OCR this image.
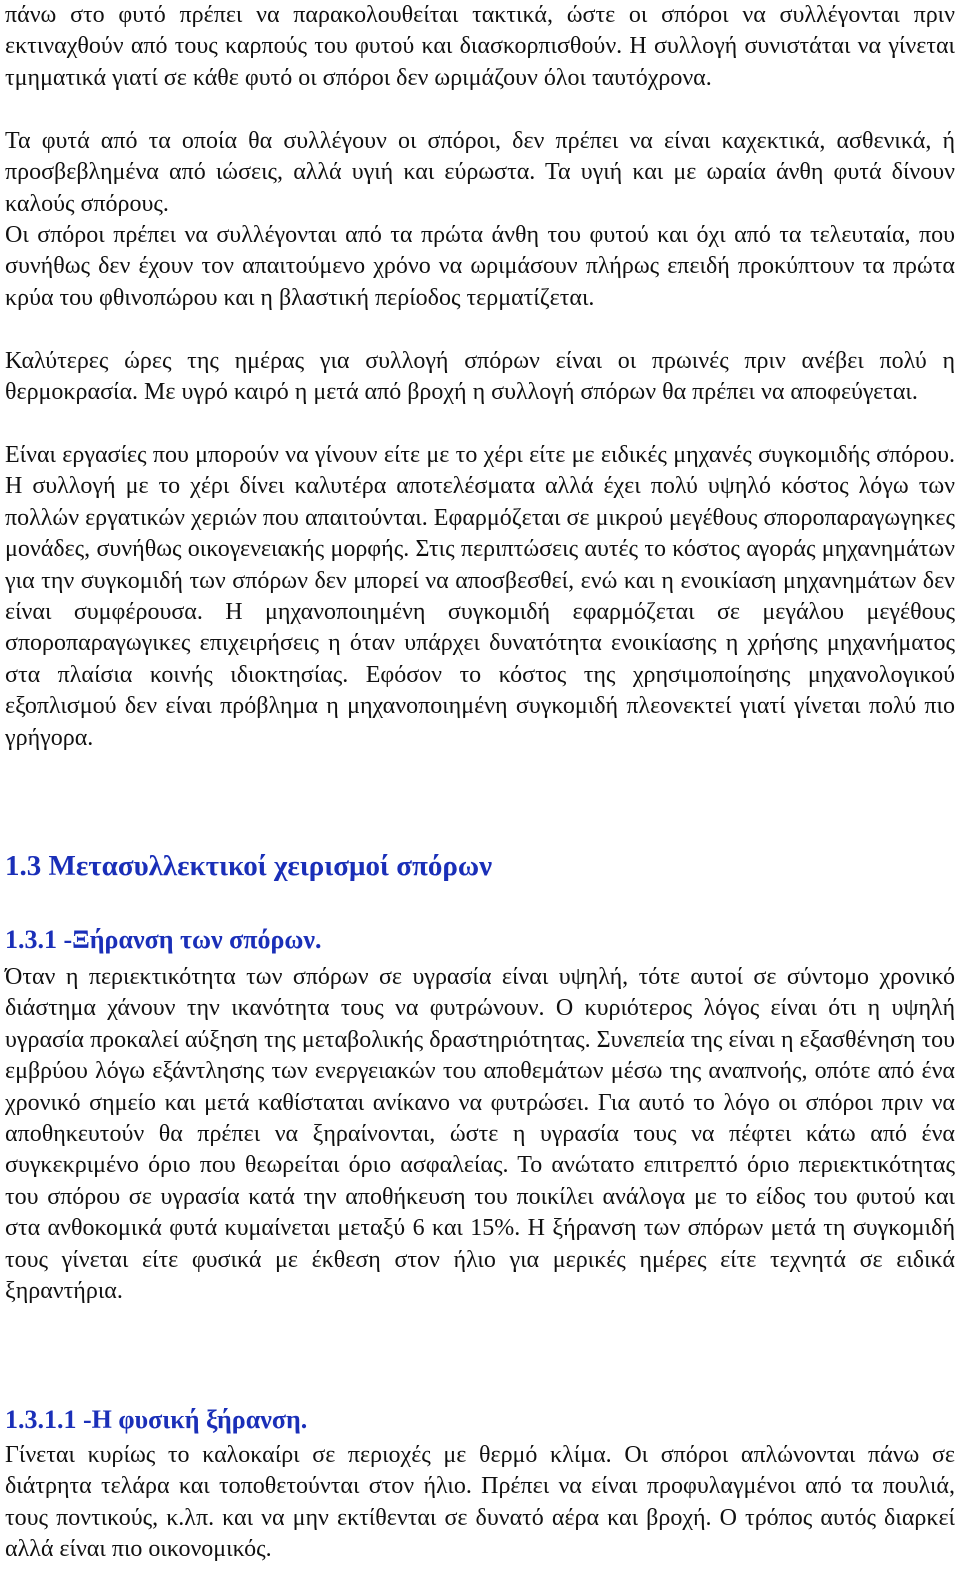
πάνω στο φυτό πρέπει να παρακολουθείται τακτικά, ώστε οι σπόροι να συλλέγονται πριν εκτιναχθούν από τους καρπούς του φυτού και διασκορπισθούν. Η συλλογή συνιστάται να γίνεται τμηματικά γιατί σε κάθε φυτό οι σπόροι δεν ωριμάζουν όλοι ταυτόχρονα.

Τα φυτά από τα οποία θα συλλέγουν οι σπόροι, δεν πρέπει να είναι καχεκτικά, ασθενικά, ή προσβεβλημένα από ιώσεις, αλλά υγιή και εύρωστα. Τα υγιή και με ωραία άνθη φυτά δίνουν καλούς σπόρους.

Οι σπόροι πρέπει να συλλέγονται από τα πρώτα άνθη του φυτού και όχι από τα τελευταία, που συνήθως δεν έχουν τον απαιτούμενο χρόνο να ωριμάσουν πλήρως επειδή προκύπτουν τα πρώτα κρύα του φθινοπώρου και η βλαστική περίοδος τερματίζεται.

Καλύτερες ώρες της ημέρας για συλλογή σπόρων είναι οι πρωινές πριν ανέβει πολύ η θερμοκρασία. Με υγρό καιρό η μετά από βροχή η συλλογή σπόρων θα πρέπει να αποφεύγεται.

Είναι εργασίες που μπορούν να γίνουν είτε με το χέρι είτε με ειδικές μηχανές συγκομιδής σπόρου. Η συλλογή με το χέρι δίνει καλυτέρα αποτελέσματα αλλά έχει πολύ υψηλό κόστος λόγω των πολλών εργατικών χεριών που απαιτούνται. Εφαρμόζεται σε μικρού μεγέθους σποροπαραγωγηκες μονάδες, συνήθως οικογενειακής μορφής. Στις περιπτώσεις αυτές το κόστος αγοράς μηχανημάτων για την συγκομιδή των σπόρων δεν μπορεί να αποσβεσθεί, ενώ και η ενοικίαση μηχανημάτων δεν είναι συμφέρουσα. Η μηχανοποιημένη συγκομιδή εφαρμόζεται σε μεγάλου μεγέθους σποροπαραγωγικες επιχειρήσεις η όταν υπάρχει δυνατότητα ενοικίασης η χρήσης μηχανήματος στα πλαίσια κοινής ιδιοκτησίας. Εφόσον το κόστος της χρησιμοποίησης μηχανολογικού εξοπλισμού δεν είναι πρόβλημα η μηχανοποιημένη συγκομιδή πλεονεκτεί γιατί γίνεται πολύ πιο γρήγορα.

1.3 Μετασυλλεκτικοί χειρισμοί σπόρων
1.3.1 -Ξήρανση των σπόρων.

Όταν η περιεκτικότητα των σπόρων σε υγρασία είναι υψηλή, τότε αυτοί σε σύντομο χρονικό διάστημα χάνουν την ικανότητα τους να φυτρώνουν. Ο κυριότερος λόγος είναι ότι η υψηλή υγρασία προκαλεί αύξηση της μεταβολικής δραστηριότητας. Συνεπεία της είναι η εξασθένηση του εμβρύου λόγω εξάντλησης των ενεργειακών του αποθεμάτων μέσω της αναπνοής, οπότε από ένα χρονικό σημείο και μετά καθίσταται ανίκανο να φυτρώσει. Για αυτό το λόγο οι σπόροι πριν να αποθηκευτούν θα πρέπει να ξηραίνονται, ώστε η υγρασία τους να πέφτει κάτω από ένα συγκεκριμένο όριο που θεωρείται όριο ασφαλείας. Το ανώτατο επιτρεπτό όριο περιεκτικότητας του σπόρου σε υγρασία κατά την αποθήκευση του ποικίλει ανάλογα με το είδος του φυτού και στα ανθοκομικά φυτά κυμαίνεται μεταξύ 6 και 15%. Η ξήρανση των σπόρων μετά τη συγκομιδή τους γίνεται είτε φυσικά με έκθεση στον ήλιο για μερικές ημέρες είτε τεχνητά σε ειδικά ξηραντήρια.

1.3.1.1 -Η φυσική ξήρανση.

Γίνεται κυρίως το καλοκαίρι σε περιοχές με θερμό κλίμα. Οι σπόροι απλώνονται πάνω σε διάτρητα τελάρα και τοποθετούνται στον ήλιο. Πρέπει να είναι προφυλαγμένοι από τα πουλιά, τους ποντικούς, κ.λπ. και να μην εκτίθενται σε δυνατό αέρα και βροχή. Ο τρόπος αυτός διαρκεί αλλά είναι πιο οικονομικός.
